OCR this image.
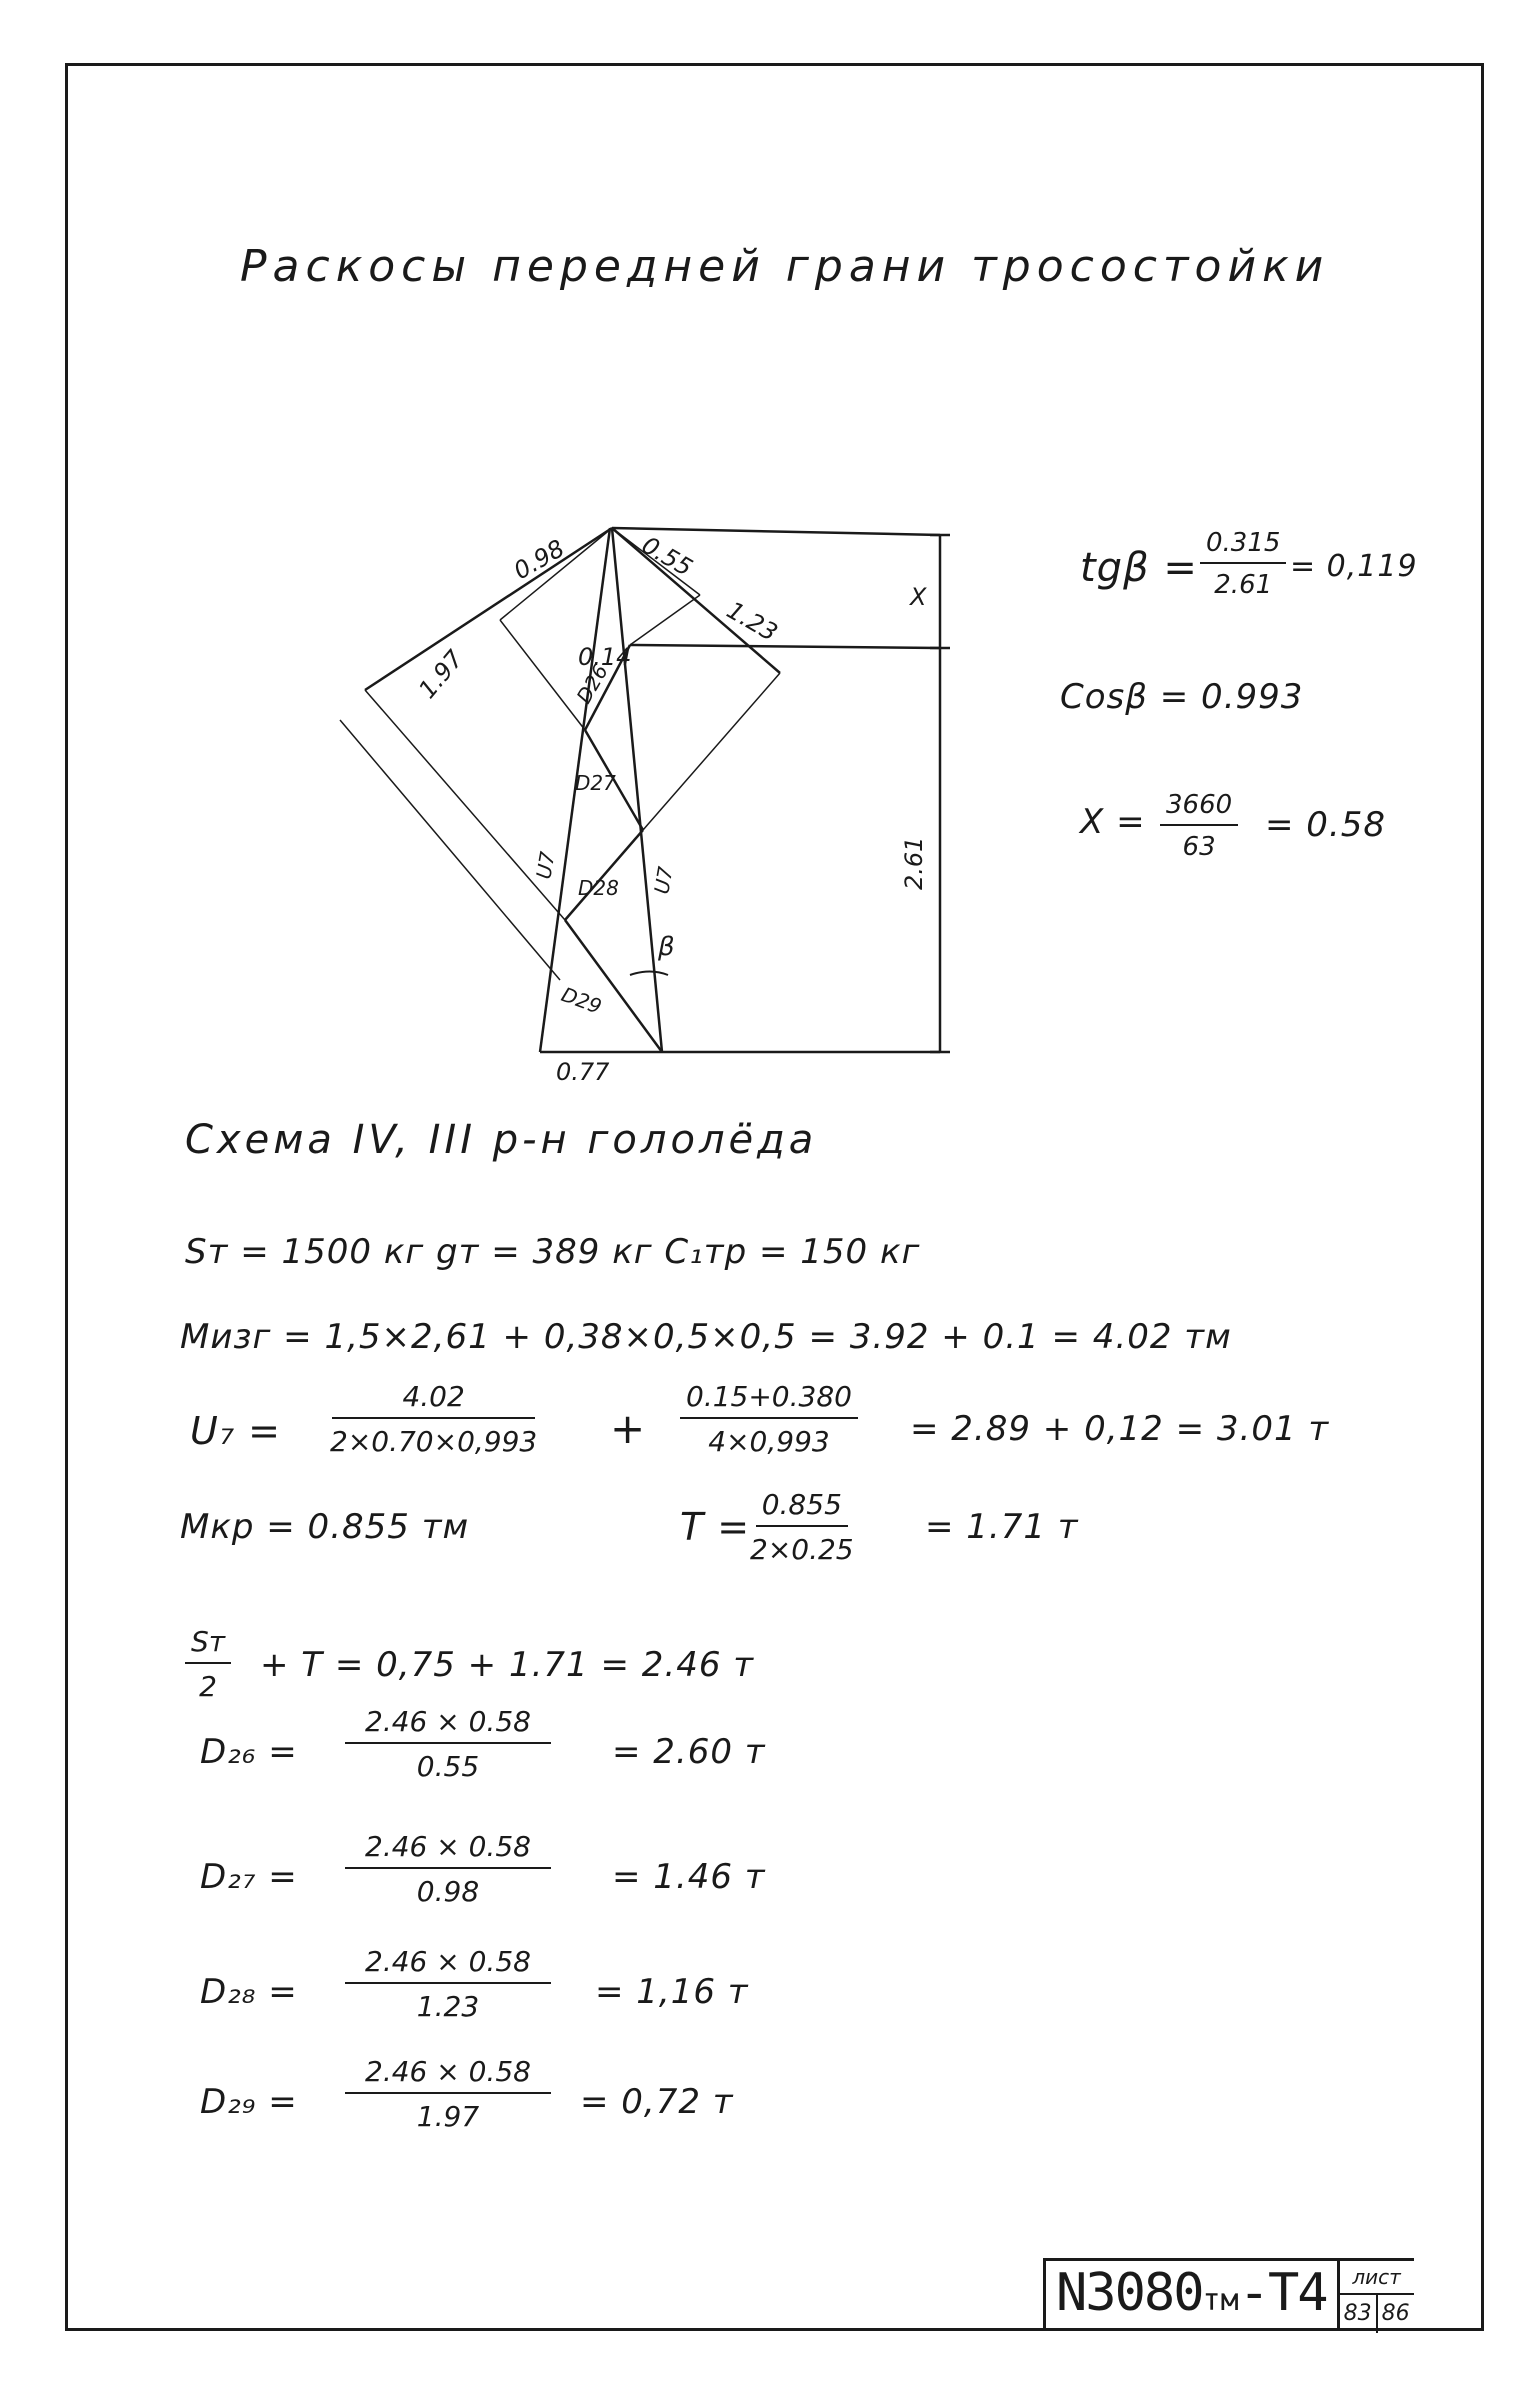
Раскосы передней грани тросостойки
0.98	0.55
1.23
0.14
1.97
2.61
0.77
X
D26
D27
D28
D29
U7	U7
β
$tg\beta = \frac{0.315}{2.61} = 0,119$
Cosβ = 0.993
$X = \frac{3660}{63} = 0.58$
Схема IV, III р-н гололёда
Sт = 1500 кг gт = 389 кг C₁тр = 150 кг
Mизг = 1,5×2,61 + 0,38×0,5×0,5 = 3.92 + 0.1 = 4.02 тм
$U_7 = \frac{4.02}{2\times 0.70\times 0,993} + \frac{0.15+0.380}{4\times 0,993} = 2.89 + 0,12 = 3.01$ т
Mкр = 0.855 тм	$T = \frac{0.855}{2\times 0.25} = 1.71$ т
Sт
2
+ T = 0,75 + 1.71 = 2.46 т
$D_{26} = \frac{2.46 \times 0.58}{0.55} = 2.60$ т
$D_{27} = \frac{2.46 \times 0.58}{0.98} = 1.46$ т
$D_{28} = \frac{2.46 \times 0.58}{1.23} = 1,16$ т
$D_{29} = \frac{2.46 \times 0.58}{1.97} = 0,72$ т
N3080тм-Т4	лист
83 86
